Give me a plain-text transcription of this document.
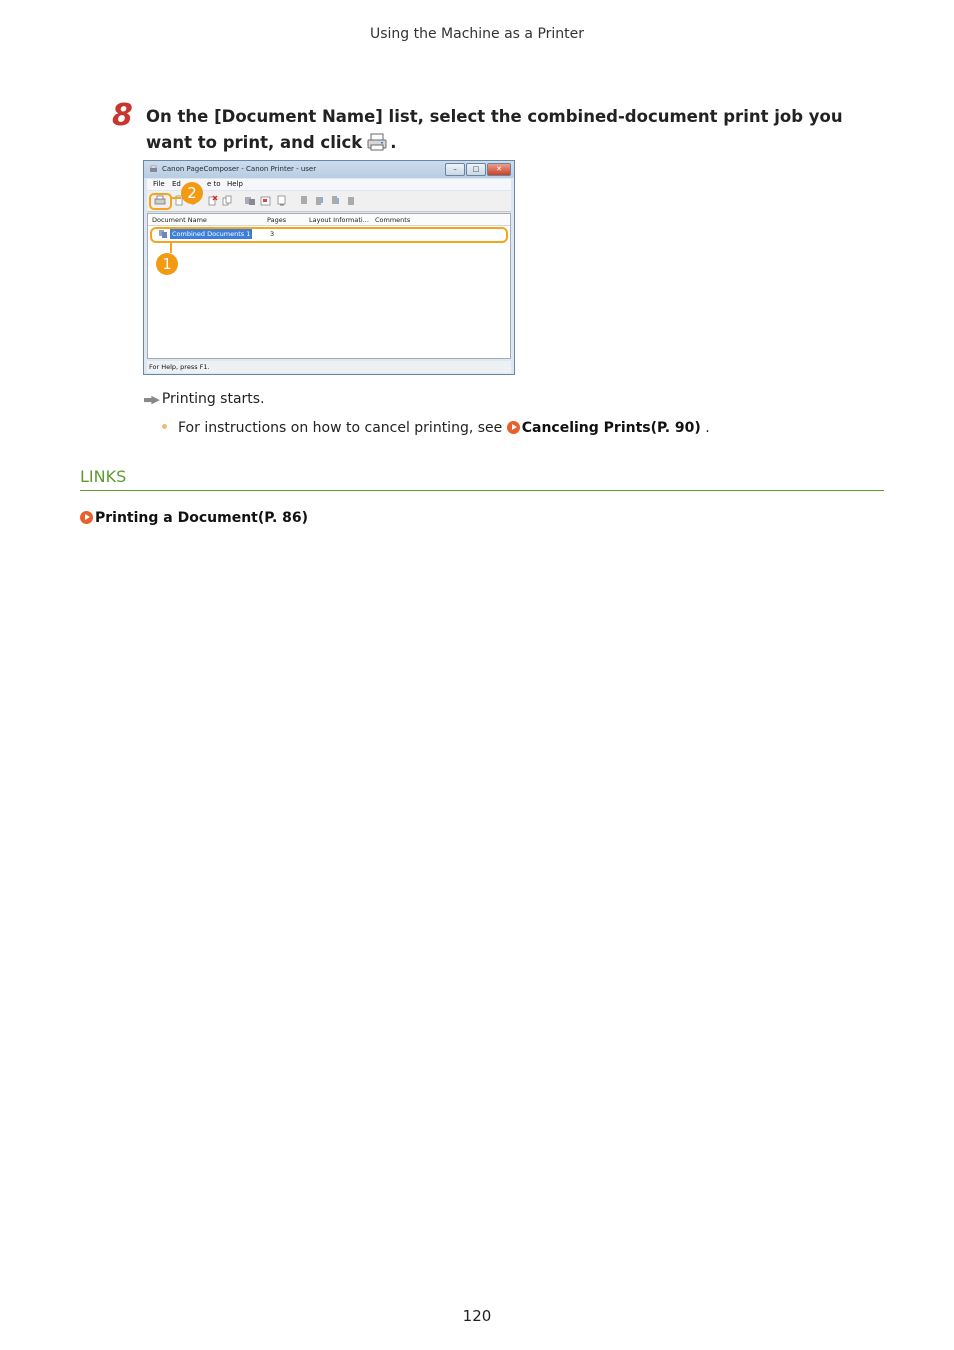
Using the Machine as a Printer
8 On the [Document Name] list, select the combined-document print job you want to print, and click .
Canon PageComposer - Canon Printer - user	–	□	✕
File Ed	e to Help
Document Name	Pages	Layout Informati... Comments
Combined Documents 1	3
For Help, press F1.
1
2
▬▶ Printing starts.
For instructions on how to cancel printing, see Canceling Prints(P. 90) .
LINKS
Printing a Document(P. 86)
120
